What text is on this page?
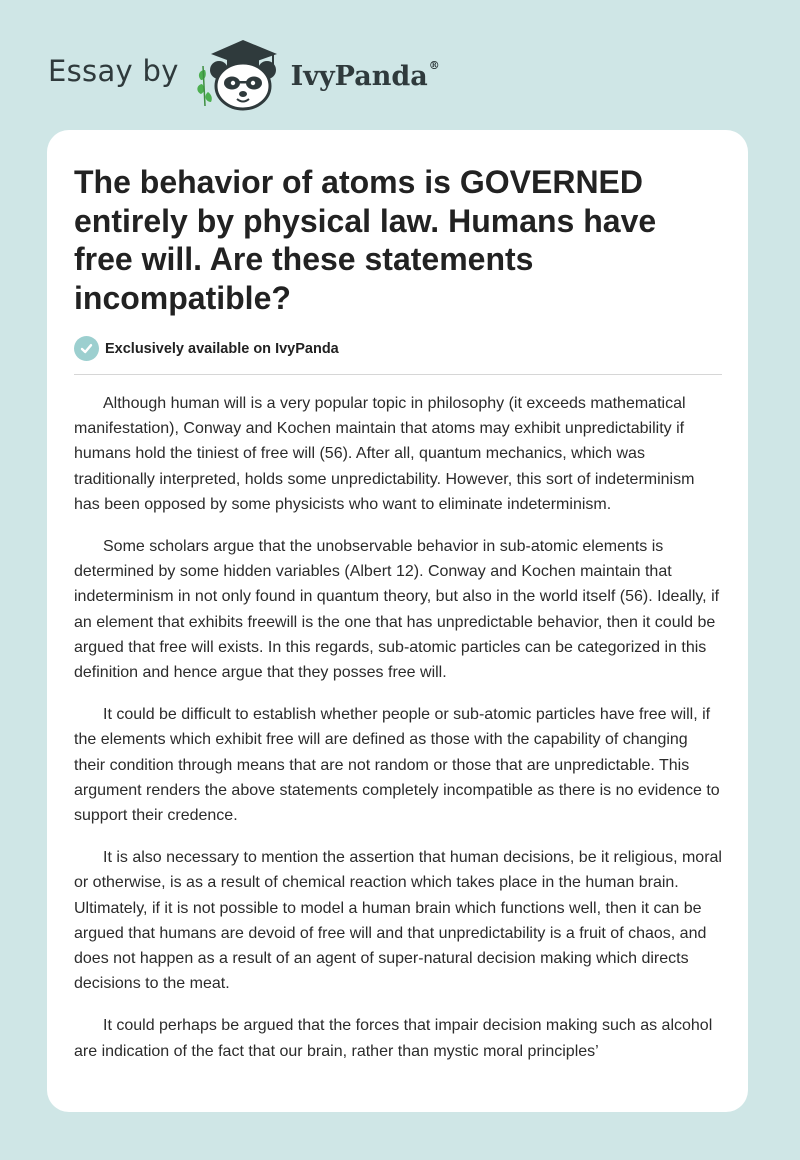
Essay by	IvyPanda®
The behavior of atoms is GOVERNED entirely by physical law. Humans have free will. Are these statements incompatible?
Exclusively available on IvyPanda

Although human will is a very popular topic in philosophy (it exceeds mathematical manifestation), Conway and Kochen maintain that atoms may exhibit unpredictability if humans hold the tiniest of free will (56). After all, quantum mechanics, which was traditionally interpreted, holds some unpredictability. However, this sort of indeterminism has been opposed by some physicists who want to eliminate indeterminism.

Some scholars argue that the unobservable behavior in sub-atomic elements is determined by some hidden variables (Albert 12). Conway and Kochen maintain that indeterminism in not only found in quantum theory, but also in the world itself (56). Ideally, if an element that exhibits freewill is the one that has unpredictable behavior, then it could be argued that free will exists. In this regards, sub-atomic particles can be categorized in this definition and hence argue that they posses free will.

It could be difficult to establish whether people or sub-atomic particles have free will, if the elements which exhibit free will are defined as those with the capability of changing their condition through means that are not random or those that are unpredictable. This argument renders the above statements completely incompatible as there is no evidence to support their credence.

It is also necessary to mention the assertion that human decisions, be it religious, moral or otherwise, is as a result of chemical reaction which takes place in the human brain. Ultimately, if it is not possible to model a human brain which functions well, then it can be argued that humans are devoid of free will and that unpredictability is a fruit of chaos, and does not happen as a result of an agent of super-natural decision making which directs decisions to the meat.

It could perhaps be argued that the forces that impair decision making such as alcohol are indication of the fact that our brain, rather than mystic moral principles’
